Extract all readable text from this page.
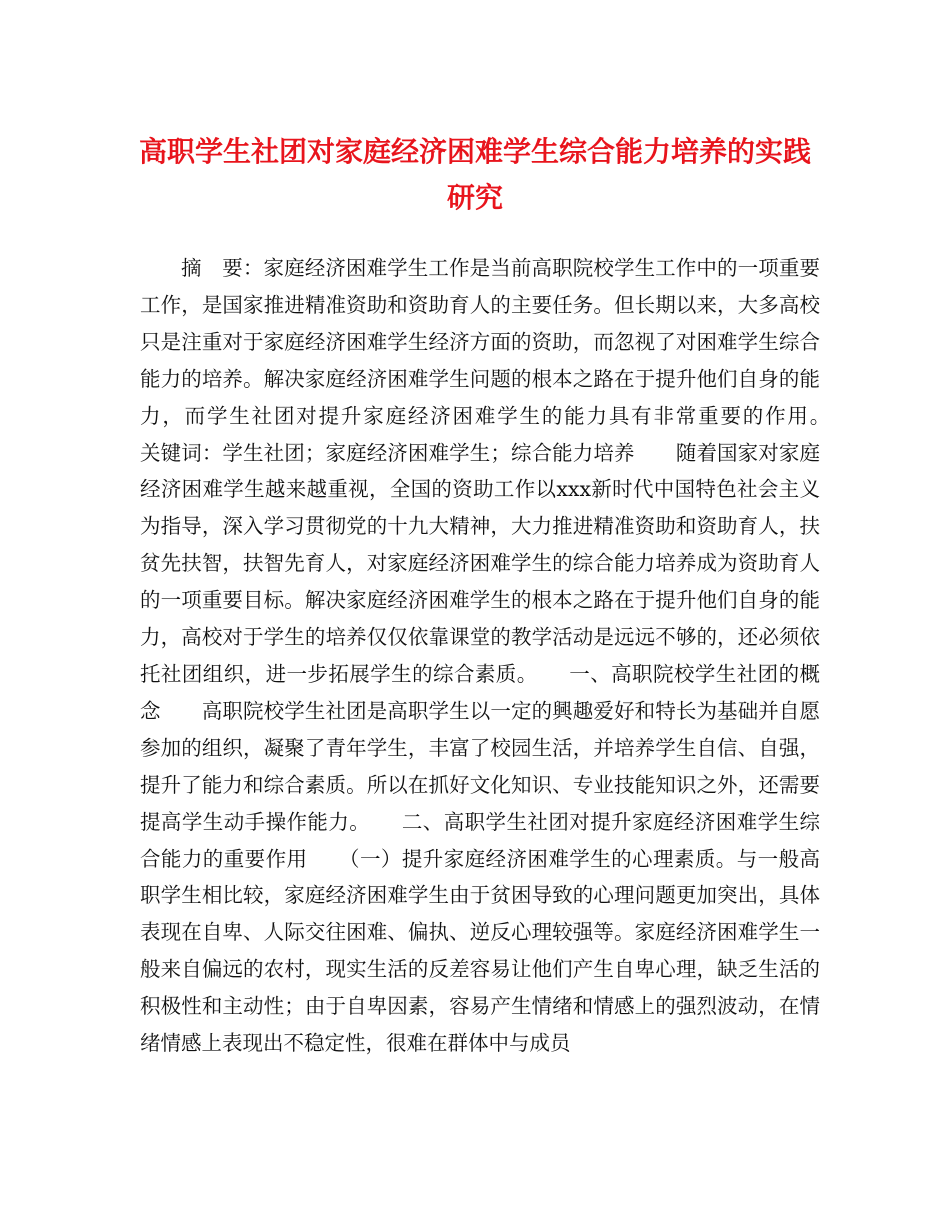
高职学生社团对家庭经济困难学生综合能力培养的实践
研究

摘　要：家庭经济困难学生工作是当前高职院校学生工作中的一项重要工作，是国家推进精准资助和资助育人的主要任务。但长期以来，大多高校只是注重对于家庭经济困难学生经济方面的资助，而忽视了对困难学生综合能力的培养。解决家庭经济困难学生问题的根本之路在于提升他们自身的能力，而学生社团对提升家庭经济困难学生的能力具有非常重要的作用。　　关键词：学生社团；家庭经济困难学生；综合能力培养　　随着国家对家庭经济困难学生越来越重视，全国的资助工作以xxx新时代中国特色社会主义为指导，深入学习贯彻党的十九大精神，大力推进精准资助和资助育人，扶贫先扶智，扶智先育人，对家庭经济困难学生的综合能力培养成为资助育人的一项重要目标。解决家庭经济困难学生的根本之路在于提升他们自身的能力，高校对于学生的培养仅仅依靠课堂的教学活动是远远不够的，还必须依托社团组织，进一步拓展学生的综合素质。　　一、高职院校学生社团的概念　　高职院校学生社团是高职学生以一定的興趣爱好和特长为基础并自愿参加的组织，凝聚了青年学生，丰富了校园生活，并培养学生自信、自强，提升了能力和综合素质。所以在抓好文化知识、专业技能知识之外，还需要提高学生动手操作能力。　　二、高职学生社团对提升家庭经济困难学生综合能力的重要作用　　（一）提升家庭经济困难学生的心理素质。与一般高职学生相比较，家庭经济困难学生由于贫困导致的心理问题更加突出，具体表现在自卑、人际交往困难、偏执、逆反心理较强等。家庭经济困难学生一般来自偏远的农村，现实生活的反差容易让他们产生自卑心理，缺乏生活的积极性和主动性；由于自卑因素，容易产生情绪和情感上的强烈波动，在情绪情感上表现出不稳定性，很难在群体中与成员
